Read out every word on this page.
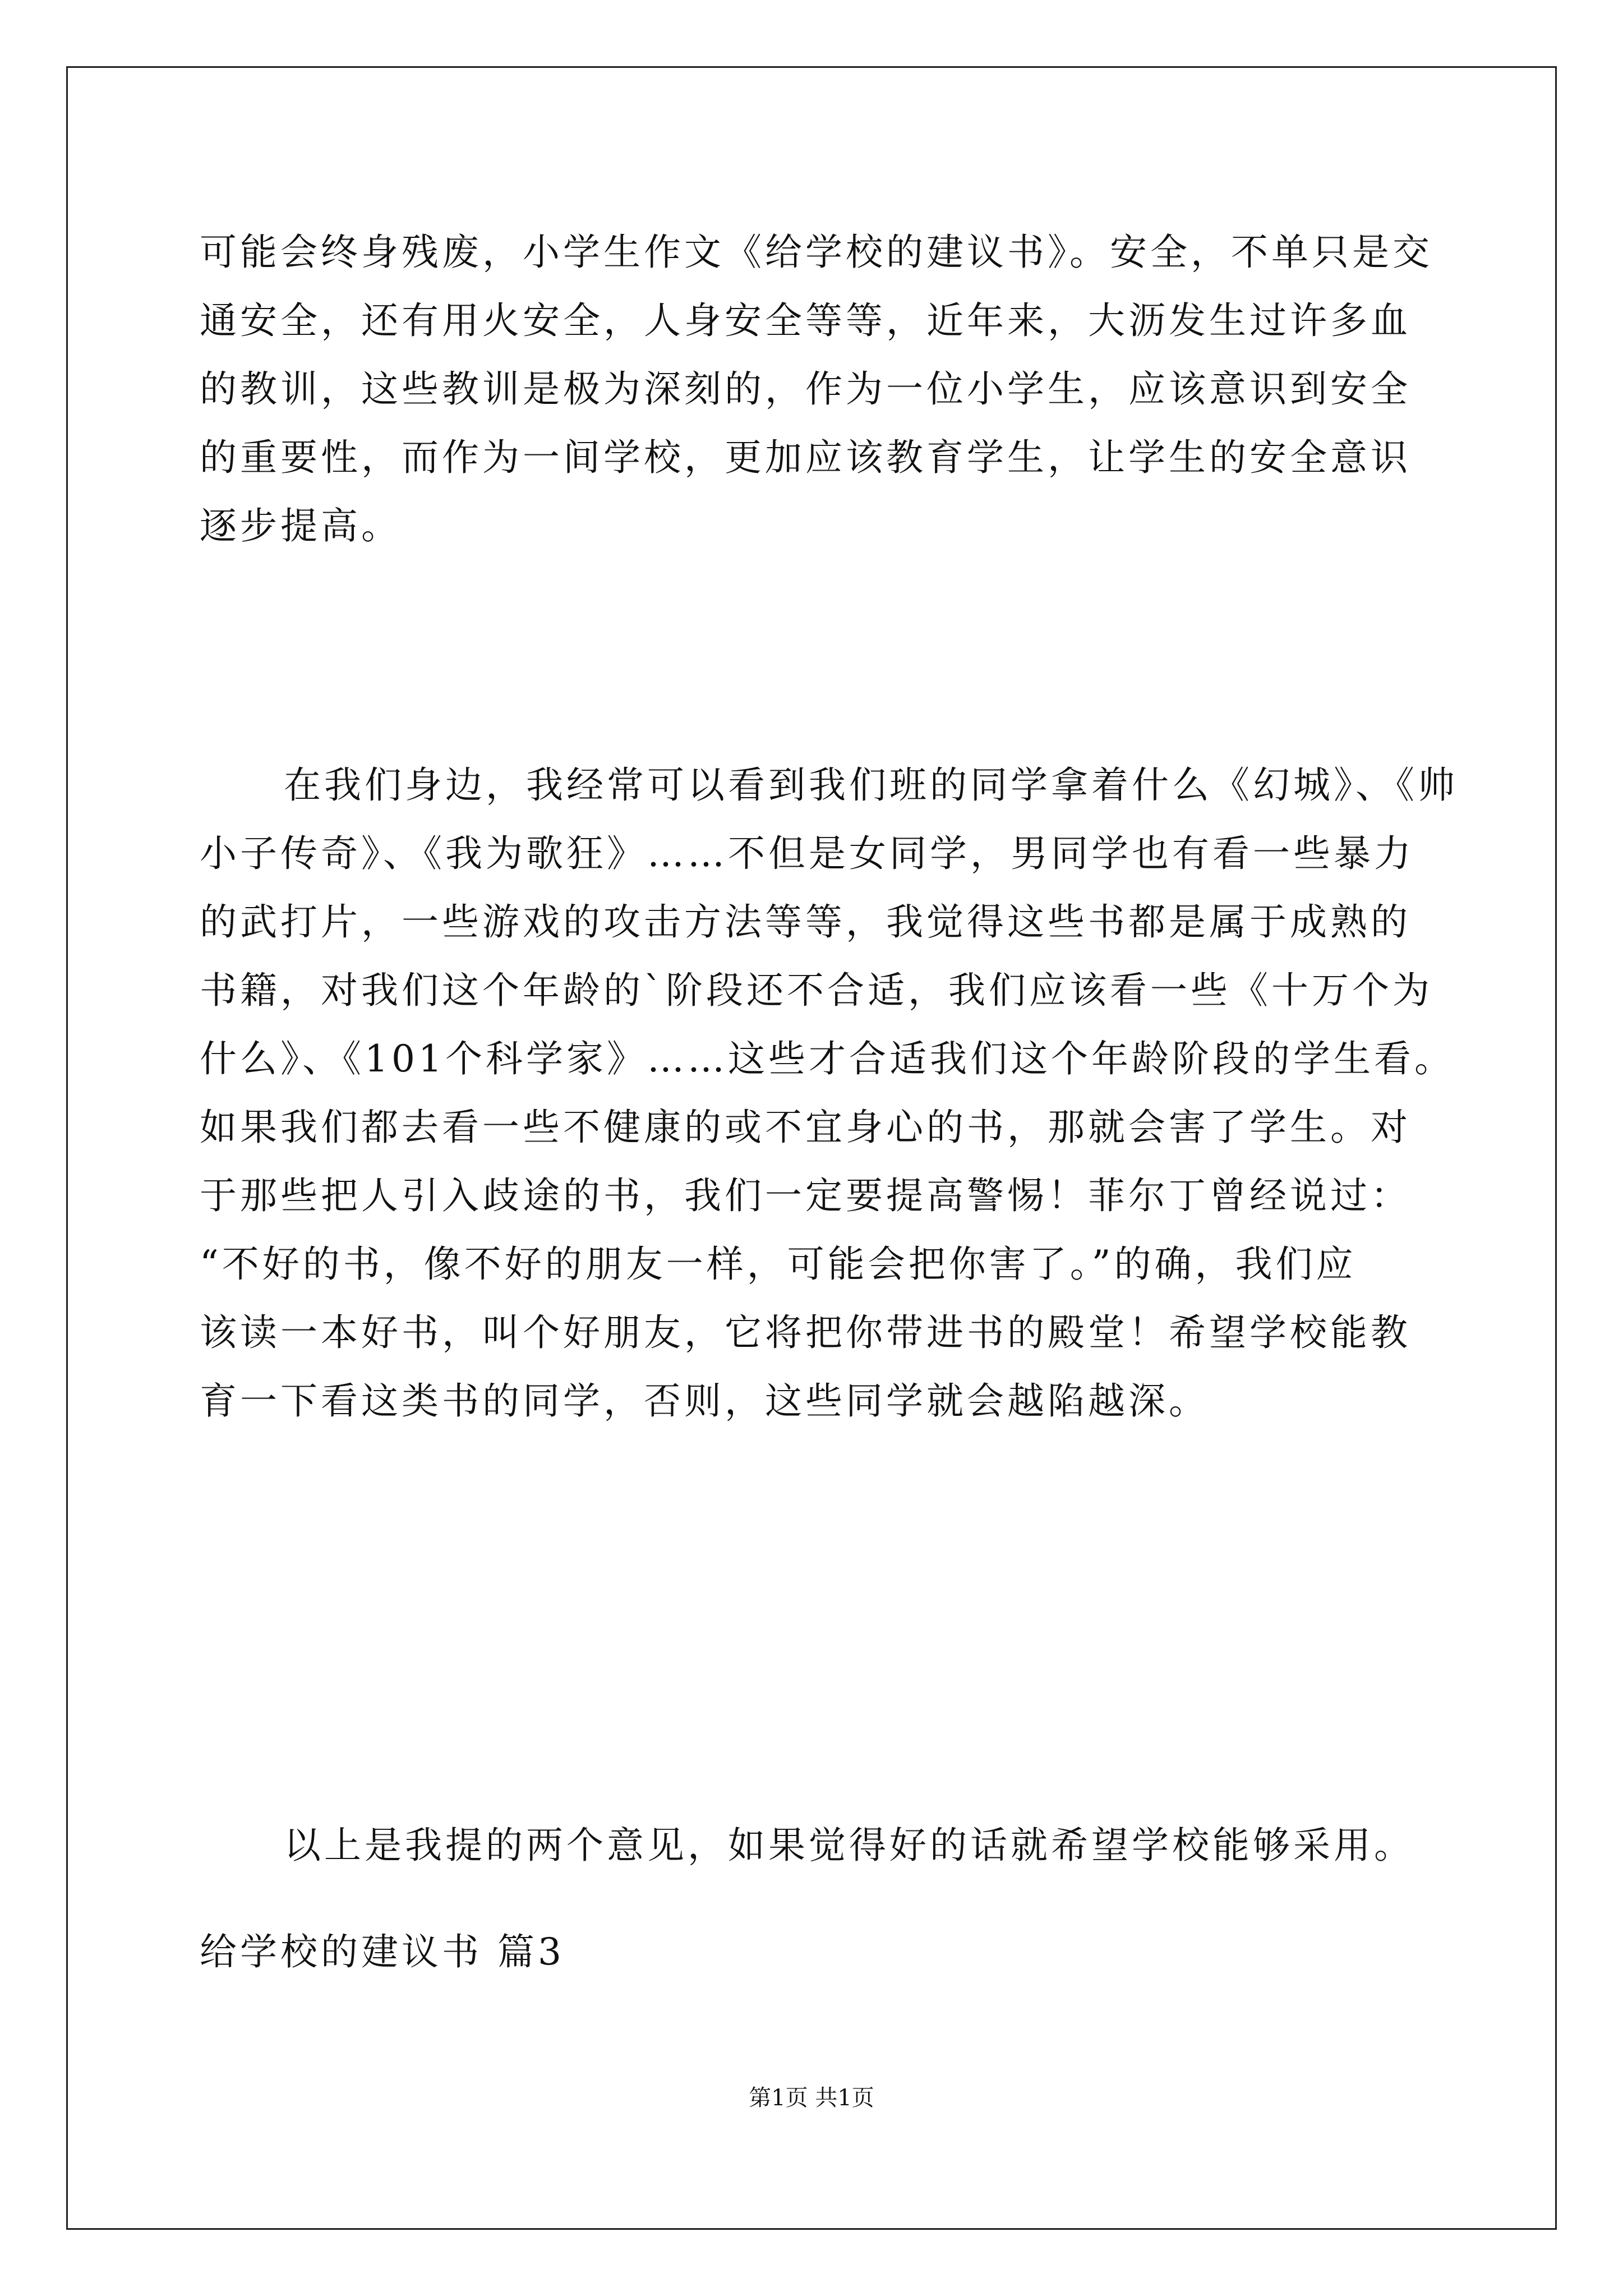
可能会终身残废，小学生作文《给学校的建议书》。安全，不单只是交
通安全，还有用火安全，人身安全等等，近年来，大沥发生过许多血
的教训，这些教训是极为深刻的，作为一位小学生，应该意识到安全
的重要性，而作为一间学校，更加应该教育学生，让学生的安全意识
逐步提高。
在我们身边，我经常可以看到我们班的同学拿着什么《幻城》、《帅
小子传奇》、《我为歌狂》……不但是女同学，男同学也有看一些暴力
的武打片，一些游戏的攻击方法等等，我觉得这些书都是属于成熟的
书籍，对我们这个年龄的`阶段还不合适，我们应该看一些《十万个为
什么》、《101个科学家》……这些才合适我们这个年龄阶段的学生看。
如果我们都去看一些不健康的或不宜身心的书，那就会害了学生。对
于那些把人引入歧途的书，我们一定要提高警惕！菲尔丁曾经说过：
“不好的书，像不好的朋友一样，可能会把你害了。”的确，我们应
该读一本好书，叫个好朋友，它将把你带进书的殿堂！希望学校能教
育一下看这类书的同学，否则，这些同学就会越陷越深。
以上是我提的两个意见，如果觉得好的话就希望学校能够采用。
给学校的建议书 篇3
第1页 共1页
